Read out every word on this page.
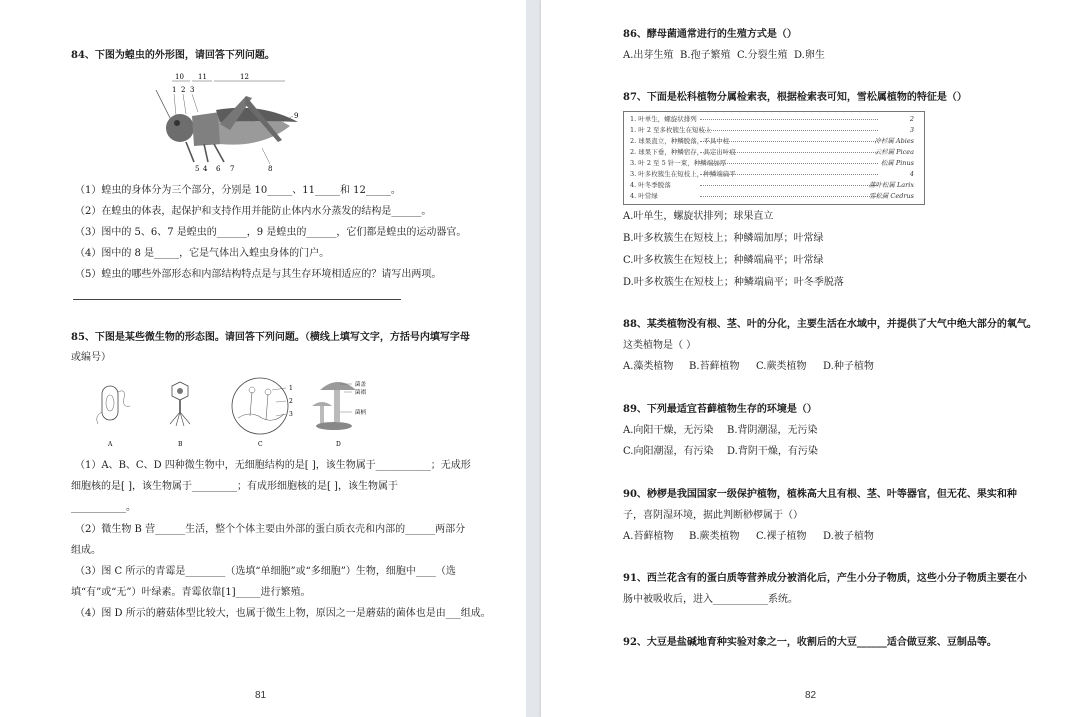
84、下图为蝗虫的外形图，请回答下列问题。
10 11	12
1 2 3
9
5 4 6 7	8
（1）蝗虫的身体分为三个部分，分别是 10_____、11_____和 12_____。
（2）在蝗虫的体表，起保护和支持作用并能防止体内水分蒸发的结构是______。
（3）图中的 5、6、7 是蝗虫的______，9 是蝗虫的______，它们都是蝗虫的运动器官。
（4）图中的 8 是_____，它是气体出入蝗虫身体的门户。
（5）蝗虫的哪些外部形态和内部结构特点是与其生存环境相适应的？请写出两项。
85、下图是某些微生物的形态图。请回答下列问题。（横线上填写文字，方括号内填写字母
或编号）
A	B
1
2
3
C
菌盖
菌褶
菌柄
D
（1）A、B、C、D 四种微生物中，无细胞结构的是[ ]，该生物属于___________；无成形
细胞核的是[ ]，该生物属于_________；有成形细胞核的是[ ]，该生物属于
___________。
（2）微生物 B 营______生活，整个个体主要由外部的蛋白质衣壳和内部的______两部分
组成。
（3）图 C 所示的青霉是________（选填“单细胞”或“多细胞”）生物，细胞中____（选
填“有”或“无”）叶绿素。青霉依靠[1]_____进行繁殖。
（4）图 D 所示的蘑菇体型比较大，也属于微生上物，原因之一是蘑菇的菌体也是由___组成。
81
86、酵母菌通常进行的生殖方式是（）
A.出芽生殖 B.孢子繁殖 C.分裂生殖 D.卵生
87、下面是松科植物分属检索表，根据检索表可知，雪松属植物的特征是（）
1. 叶单生，螺旋状排列	2
1. 叶 2 至多枚簇生在短枝上	3
2. 球果直立，种鳞脱落，不具中柱	冷杉属 Abies
2. 球果下垂，种鳞宿存，具定出叶痕	云杉属 Picea
3. 叶 2 至 5 针一束，种鳞端加厚	松属 Pinus
3. 叶多枚簇生在短枝上，种鳞端扁平	4
4. 叶冬季脱落	落叶松属 Larix
4. 叶常绿	雪松属 Cedrus
A.叶单生，螺旋状排列；球果直立
B.叶多枚簇生在短枝上；种鳞端加厚；叶常绿
C.叶多枚簇生在短枝上；种鳞端扁平；叶常绿
D.叶多枚簇生在短枝上；种鳞端扁平；叶冬季脱落
88、某类植物没有根、茎、叶的分化，主要生活在水域中，并提供了大气中绝大部分的氧气。
这类植物是（ ）
A.藻类植物 B.苔藓植物 C.蕨类植物 D.种子植物
89、下列最适宜苔藓植物生存的环境是（）
A.向阳干燥，无污染 B.背阴潮湿，无污染
C.向阳潮湿，有污染 D.背阴干燥，有污染
90、桫椤是我国国家一级保护植物，植株高大且有根、茎、叶等器官，但无花、果实和种
子，喜阴湿环境，据此判断桫椤属于（）
A.苔藓植物 B.蕨类植物 C.裸子植物 D.被子植物
91、西兰花含有的蛋白质等营养成分被消化后，产生小分子物质，这些小分子物质主要在小
肠中被吸收后，进入___________系统。
92、大豆是盐碱地育种实验对象之一，收割后的大豆______适合做豆浆、豆制品等。
82
